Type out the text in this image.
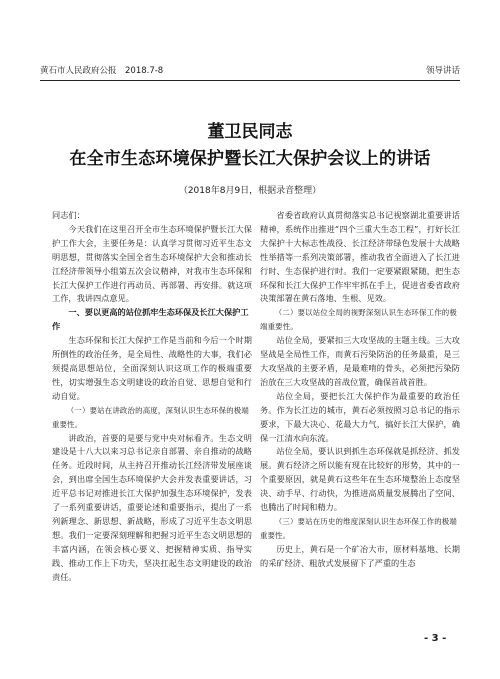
黄石市人民政府公报　2018.7-8	领导讲话
董卫民同志
在全市生态环境保护暨长江大保护会议上的讲话
（2018年8月9日，根据录音整理）

同志们：

今天我们在这里召开全市生态环境保护暨长江大保护工作大会，主要任务是：认真学习贯彻习近平生态文明思想，贯彻落实全国全省生态环境保护大会和推动长江经济带领导小组第五次会议精神，对我市生态环保和长江大保护工作进行再动员、再部署、再安排。就这项工作，我讲四点意见。

一、要以更高的站位抓牢生态环保及长江大保护工作

生态环保和长江大保护工作是当前和今后一个时期所倒性的政治任务，是全局性、战略性的大事，我们必须提高思想站位，全面深刻认识这项工作的极端重要性，切实增强生态文明建设的政治自觉、思想自觉和行动自觉。

（一）要站在讲政治的高度，深刻认识生态环保的极端重要性。

讲政治，首要的是要与党中央对标看齐。生态文明建设是十八大以来习总书记亲自部署、亲自推动的战略任务。近段时间，从主持召开推动长江经济带发展座谈会，到出席全国生态环境保护大会并发表重要讲话，习近平总书记对推进长江大保护加强生态环境保护，发表了一系列重要讲话，重要论述和重要指示，提出了一系列新理念、新思想、新战略，形成了习近平生态文明思想。我们一定要深刻理解和把握习近平生态文明思想的丰富内涵，在领会核心要义、把握精神实质、指导实践、推动工作上下功夫，坚决扛起生态文明建设的政治责任。

省委省政府认真贯彻落实总书记视察湖北重要讲话精神，系统作出推进“四个三重大生态工程”，打好长江大保护十大标志性战役、长江经济带绿色发展十大战略性举措等一系列决策部署，推动我省全面进入了长江进行时、生态保护进行时。我们一定要紧跟紧随，把生态环保和长江大保护工作牢牢抓在手上，促进省委省政府决策部署在黄石落地、生根、见效。

（二）要以站位全局的视野深刻认识生态环保工作的极端重要性。

站位全局，要紧扣三大攻坚战的主题主线。三大攻坚战是全局性工作，而黄石污染防治的任务最重，是三大攻坚战的主要矛盾，是最难啃的骨头，必须把污染防治放在三大攻坚战的首战位置，确保首战首胜。

站位全局，要把长江大保护作为最重要的政治任务。作为长江边的城市，黄石必须按照习总书记的指示要求，下最大决心、花最大力气，搞好长江大保护，确保一江清水向东流。

站位全局，要认识到抓生态环保就是抓经济、抓发展。黄石经济之所以能有现在比较好的形势，其中的一个重要原因，就是黄石这些年在生态环境整治上态度坚决、动手早、行动快，为推进高质量发展腾出了空间、也腾出了时间和精力。

（三）要站在历史的维度深刻认识生态环保工作的极端重要性。

历史上，黄石是一个矿冶大市，原材料基地、长期的采矿经济、粗放式发展留下了严重的生态

- 3 -
